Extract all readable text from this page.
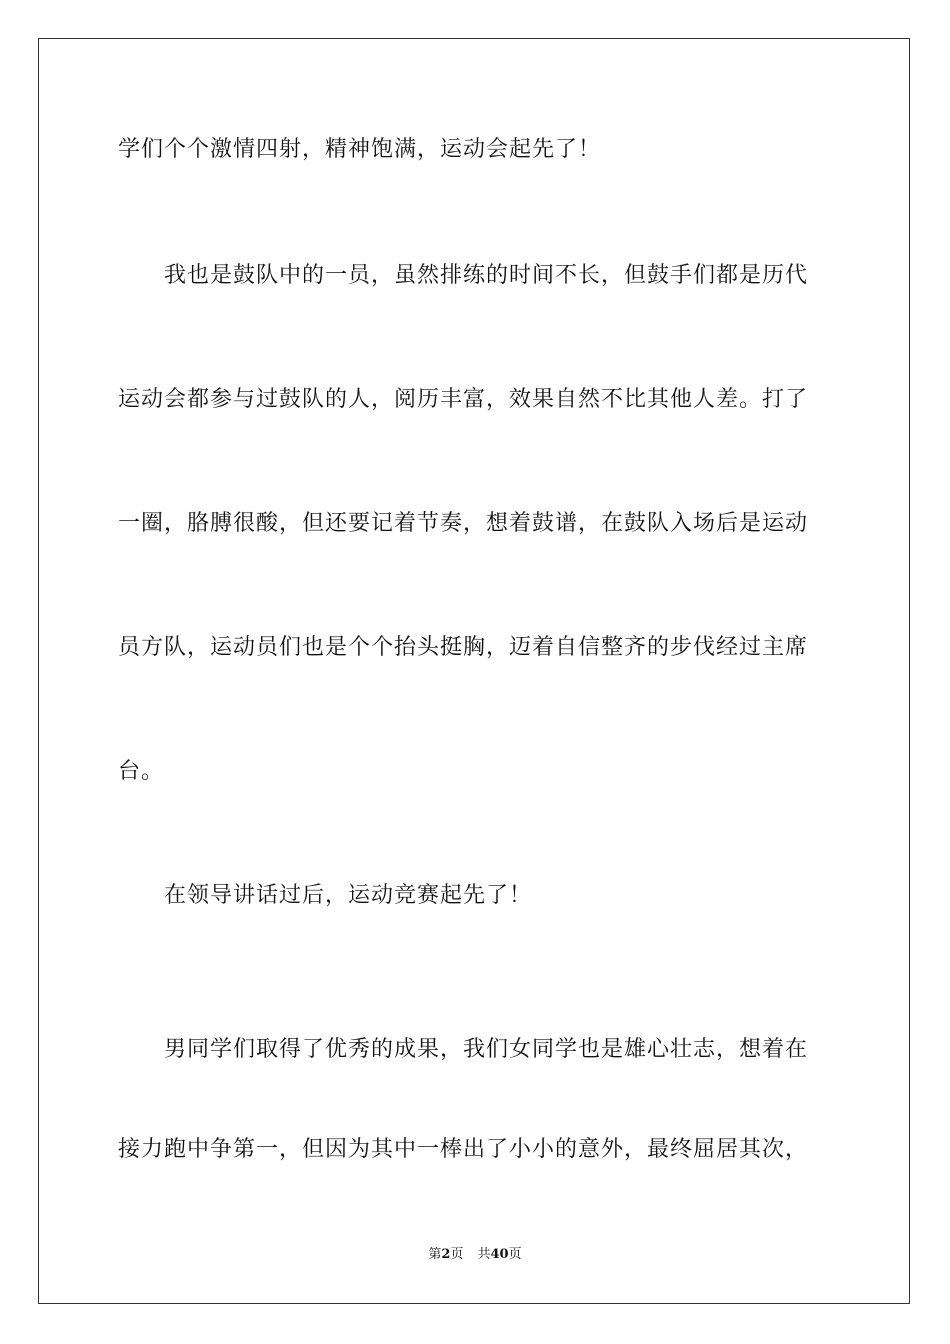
学们个个激情四射，精神饱满，运动会起先了！
我也是鼓队中的一员，虽然排练的时间不长，但鼓手们都是历代
运动会都参与过鼓队的人，阅历丰富，效果自然不比其他人差。打了
一圈，胳膊很酸，但还要记着节奏，想着鼓谱，在鼓队入场后是运动
员方队，运动员们也是个个抬头挺胸，迈着自信整齐的步伐经过主席
台。
在领导讲话过后，运动竞赛起先了！
男同学们取得了优秀的成果，我们女同学也是雄心壮志，想着在
接力跑中争第一，但因为其中一棒出了小小的意外，最终屈居其次，
第2页 共40页
